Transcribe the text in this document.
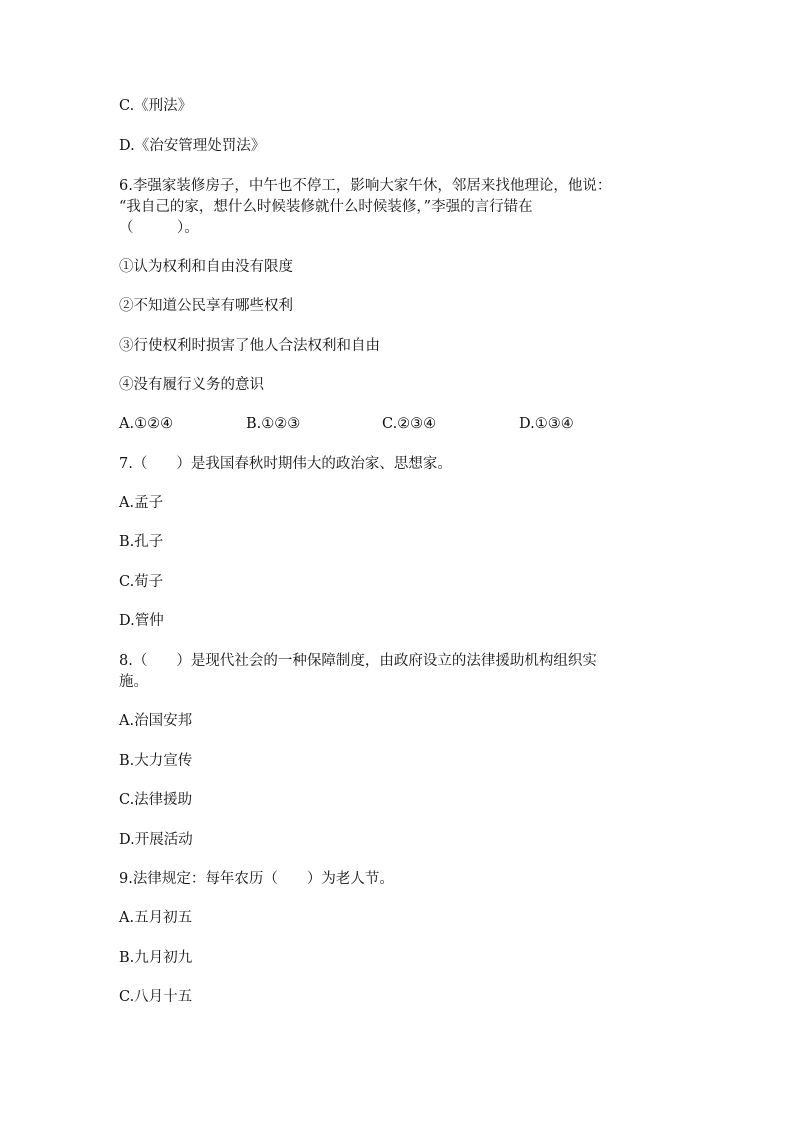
C.《刑法》
D.《治安管理处罚法》
6.李强家装修房子，中午也不停工，影响大家午休，邻居来找他理论，他说：
“我自己的家，想什么时候装修就什么时候装修，”李强的言行错在
（　　　）。
①认为权利和自由没有限度
②不知道公民享有哪些权利
③行使权利时损害了他人合法权利和自由
④没有履行义务的意识
A.①②④	B.①②③	C.②③④	D.①③④
7.（　　）是我国春秋时期伟大的政治家、思想家。
A.孟子
B.孔子
C.荀子
D.管仲
8.（　　）是现代社会的一种保障制度，由政府设立的法律援助机构组织实
施。
A.治国安邦
B.大力宣传
C.法律援助
D.开展活动
9.法律规定：每年农历（　　）为老人节。
A.五月初五
B.九月初九
C.八月十五
